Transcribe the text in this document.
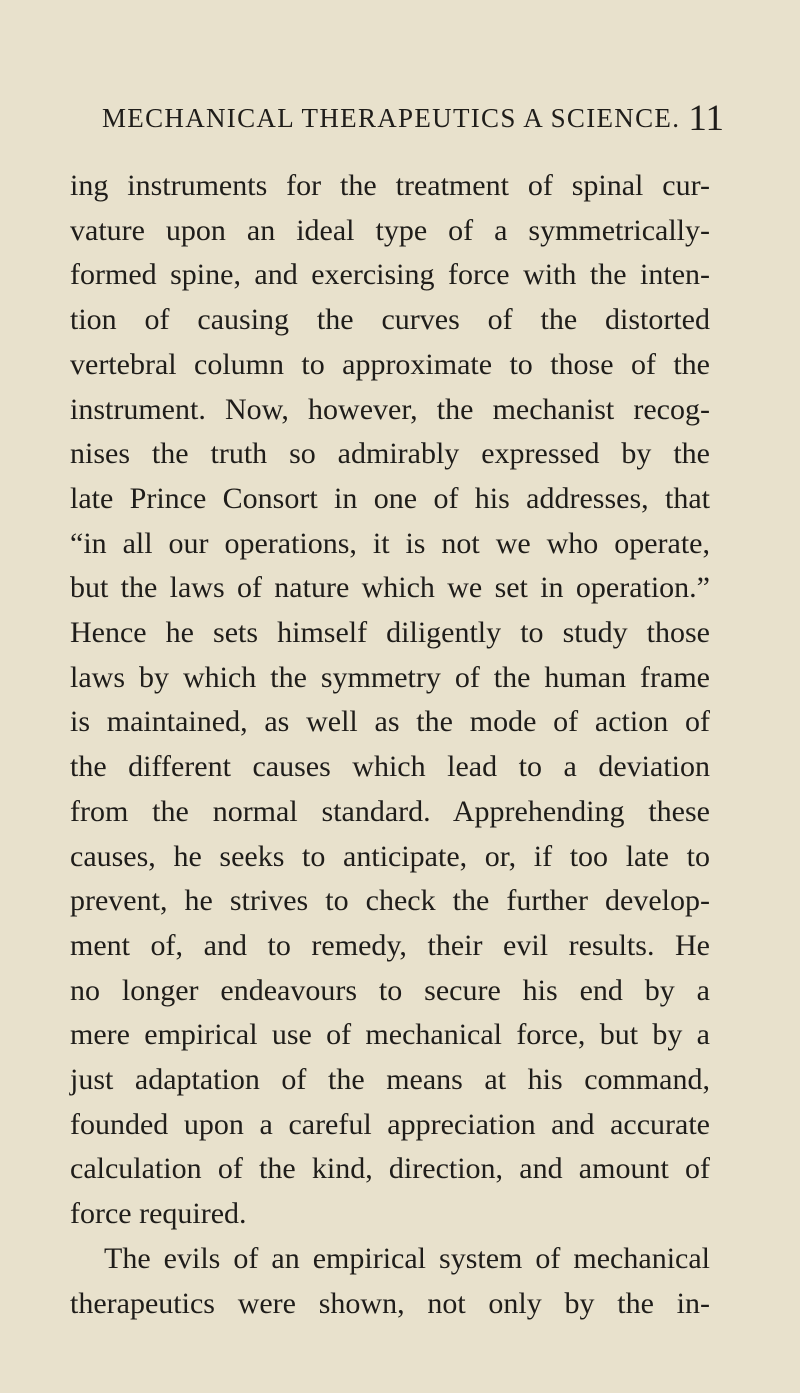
MECHANICAL THERAPEUTICS A SCIENCE. 11
ing instruments for the treatment of spinal cur-
vature upon an ideal type of a symmetrically-
formed spine, and exercising force with the inten-
tion of causing the curves of the distorted
vertebral column to approximate to those of the
instrument. Now, however, the mechanist recog-
nises the truth so admirably expressed by the
late Prince Consort in one of his addresses, that
“in all our operations, it is not we who operate,
but the laws of nature which we set in operation.”
Hence he sets himself diligently to study those
laws by which the symmetry of the human frame
is maintained, as well as the mode of action of
the different causes which lead to a deviation
from the normal standard. Apprehending these
causes, he seeks to anticipate, or, if too late to
prevent, he strives to check the further develop-
ment of, and to remedy, their evil results. He
no longer endeavours to secure his end by a
mere empirical use of mechanical force, but by a
just adaptation of the means at his command,
founded upon a careful appreciation and accurate
calculation of the kind, direction, and amount of
force required.
The evils of an empirical system of mechanical
therapeutics were shown, not only by the in-
